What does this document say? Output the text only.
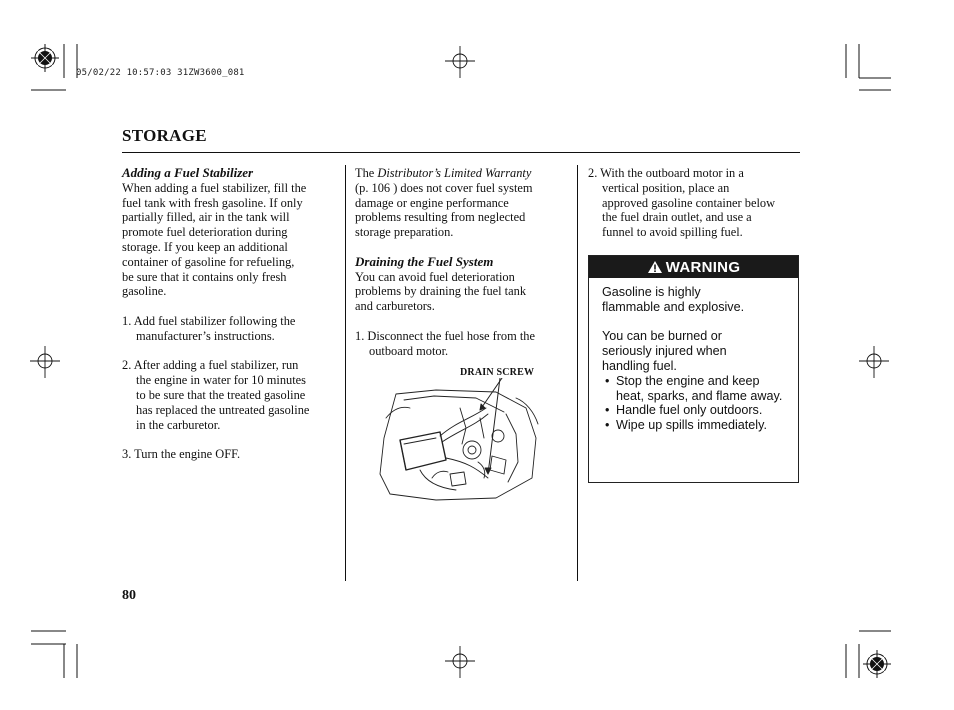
05/02/22 10:57:03 31ZW3600_081
STORAGE

Adding a Fuel Stabilizer

When adding a fuel stabilizer, fill the

fuel tank with fresh gasoline. If only

partially filled, air in the tank will

promote fuel deterioration during

storage. If you keep an additional

container of gasoline for refueling,

be sure that it contains only fresh

gasoline.

1. Add fuel stabilizer following the

manufacturer’s instructions.

2. After adding a fuel stabilizer, run

the engine in water for 10 minutes

to be sure that the treated gasoline

has replaced the untreated gasoline

in the carburetor.

3. Turn the engine OFF.

The Distributor’s Limited Warranty

(p. 106 ) does not cover fuel system

damage or engine performance

problems resulting from neglected

storage preparation.

Draining the Fuel System

You can avoid fuel deterioration

problems by draining the fuel tank

and carburetors.

1. Disconnect the fuel hose from the

outboard motor.

DRAIN SCREW

2. With the outboard motor in a

vertical position, place an

approved gasoline container below

the fuel drain outlet, and use a

funnel to avoid spilling fuel.

WARNING

Gasoline is highly

flammable and explosive.

You can be burned or

seriously injured when

handling fuel.

• Stop the engine and keep heat, sparks, and flame away.
• Handle fuel only outdoors.
• Wipe up spills immediately.
80
